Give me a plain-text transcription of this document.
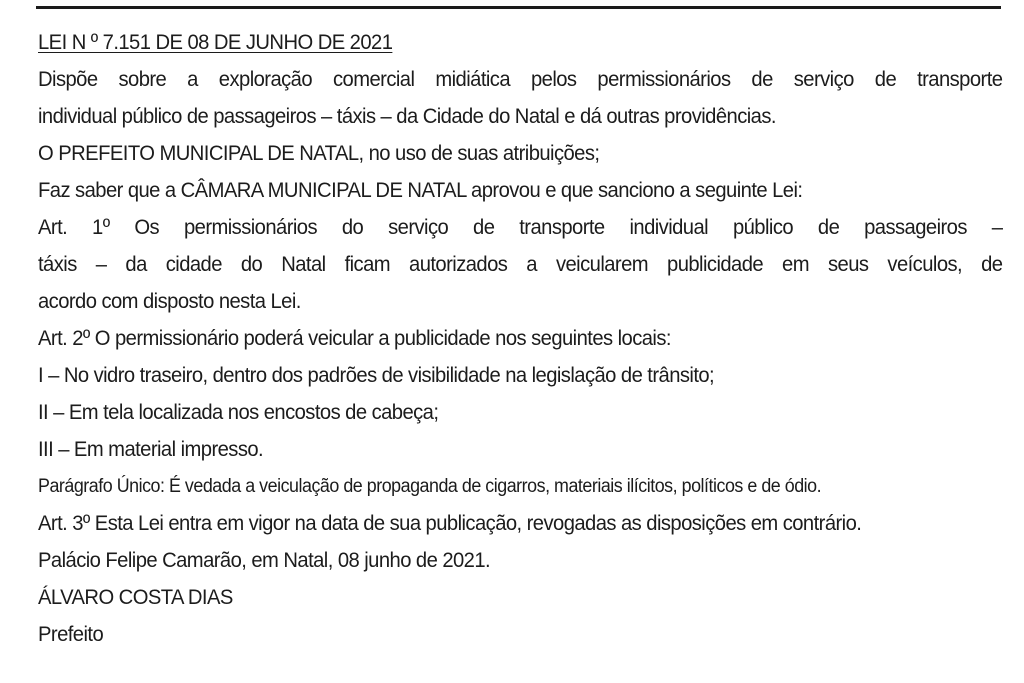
LEI N º 7.151 DE 08 DE JUNHO DE 2021
Dispõe sobre a exploração comercial midiática pelos permissionários de serviço de transporte
individual público de passageiros – táxis – da Cidade do Natal e dá outras providências.
O PREFEITO MUNICIPAL DE NATAL, no uso de suas atribuições;
Faz saber que a CÂMARA MUNICIPAL DE NATAL aprovou e que sanciono a seguinte Lei:
Art. 1º Os permissionários do serviço de transporte individual público de passageiros –
táxis – da cidade do Natal ficam autorizados a veicularem publicidade em seus veículos, de
acordo com disposto nesta Lei.
Art. 2º O permissionário poderá veicular a publicidade nos seguintes locais:
I – No vidro traseiro, dentro dos padrões de visibilidade na legislação de trânsito;
II – Em tela localizada nos encostos de cabeça;
III – Em material impresso.
Parágrafo Único: É vedada a veiculação de propaganda de cigarros, materiais ilícitos, políticos e de ódio.
Art. 3º Esta Lei entra em vigor na data de sua publicação, revogadas as disposições em contrário.
Palácio Felipe Camarão, em Natal, 08 junho de 2021.
ÁLVARO COSTA DIAS
Prefeito
